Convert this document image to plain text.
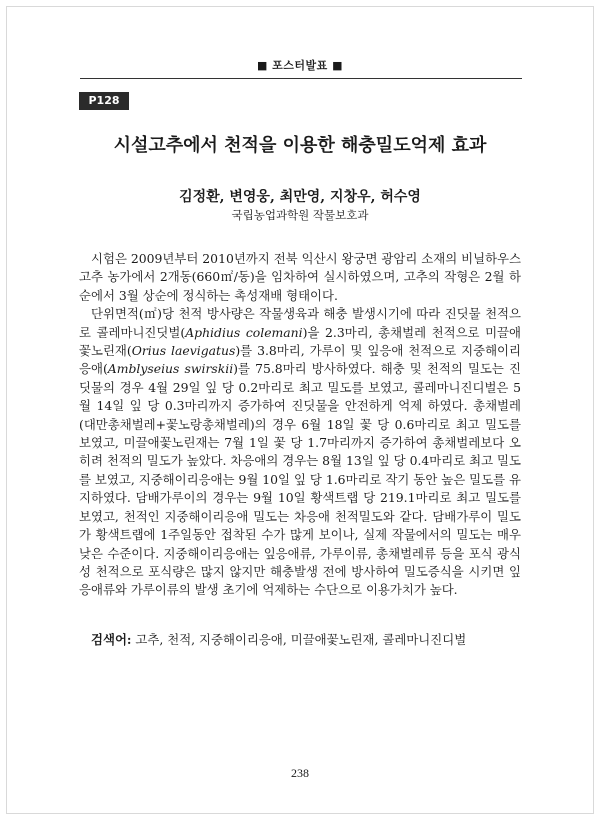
■ 포스터발표 ■
P128
시설고추에서 천적을 이용한 해충밀도억제 효과
김정환, 변영웅, 최만영, 지창우, 허수영
국립농업과학원 작물보호과

시험은 2009년부터 2010년까지 전북 익산시 왕궁면 광암리 소재의 비닐하우스 고추 농가에서 2개동(660㎡/동)을 임차하여 실시하였으며, 고추의 작형은 2월 하순에서 3월 상순에 정식하는 촉성재배 형태이다.

단위면적(㎡)당 천적 방사량은 작물생육과 해충 발생시기에 따라 진딧물 천적으로 콜레마니진딧벌(Aphidius colemani)을 2.3마리, 총채벌레 천적으로 미끌애꽃노린재(Orius laevigatus)를 3.8마리, 가루이 및 잎응애 천적으로 지중해이리응애(Amblyseius swirskii)를 75.8마리 방사하였다. 해충 및 천적의 밀도는 진딧물의 경우 4월 29일 잎 당 0.2마리로 최고 밀도를 보였고, 콜레마니진디벌은 5월 14일 잎 당 0.3마리까지 증가하여 진딧물을 안전하게 억제 하였다. 총채벌레(대만총채벌레+꽃노랑총채벌레)의 경우 6월 18일 꽃 당 0.6마리로 최고 밀도를 보였고, 미끌애꽃노린재는 7월 1일 꽃 당 1.7마리까지 증가하여 총채벌레보다 오히려 천적의 밀도가 높았다. 차응애의 경우는 8월 13일 잎 당 0.4마리로 최고 밀도를 보였고, 지중해이리응애는 9월 10일 잎 당 1.6마리로 작기 동안 높은 밀도를 유지하였다. 담배가루이의 경우는 9월 10일 황색트랩 당 219.1마리로 최고 밀도를 보였고, 천적인 지중해이리응애 밀도는 차응애 천적밀도와 같다. 담배가루이 밀도가 황색트랩에 1주일동안 접착된 수가 많게 보이나, 실제 작물에서의 밀도는 매우 낮은 수준이다. 지중해이리응애는 잎응애류, 가루이류, 총채벌레류 등을 포식 광식성 천적으로 포식량은 많지 않지만 해충발생 전에 방사하여 밀도증식을 시키면 잎응애류와 가루이류의 발생 초기에 억제하는 수단으로 이용가치가 높다.

검색어: 고추, 천적, 지중해이리응애, 미끌애꽃노린재, 콜레마니진디벌
238
